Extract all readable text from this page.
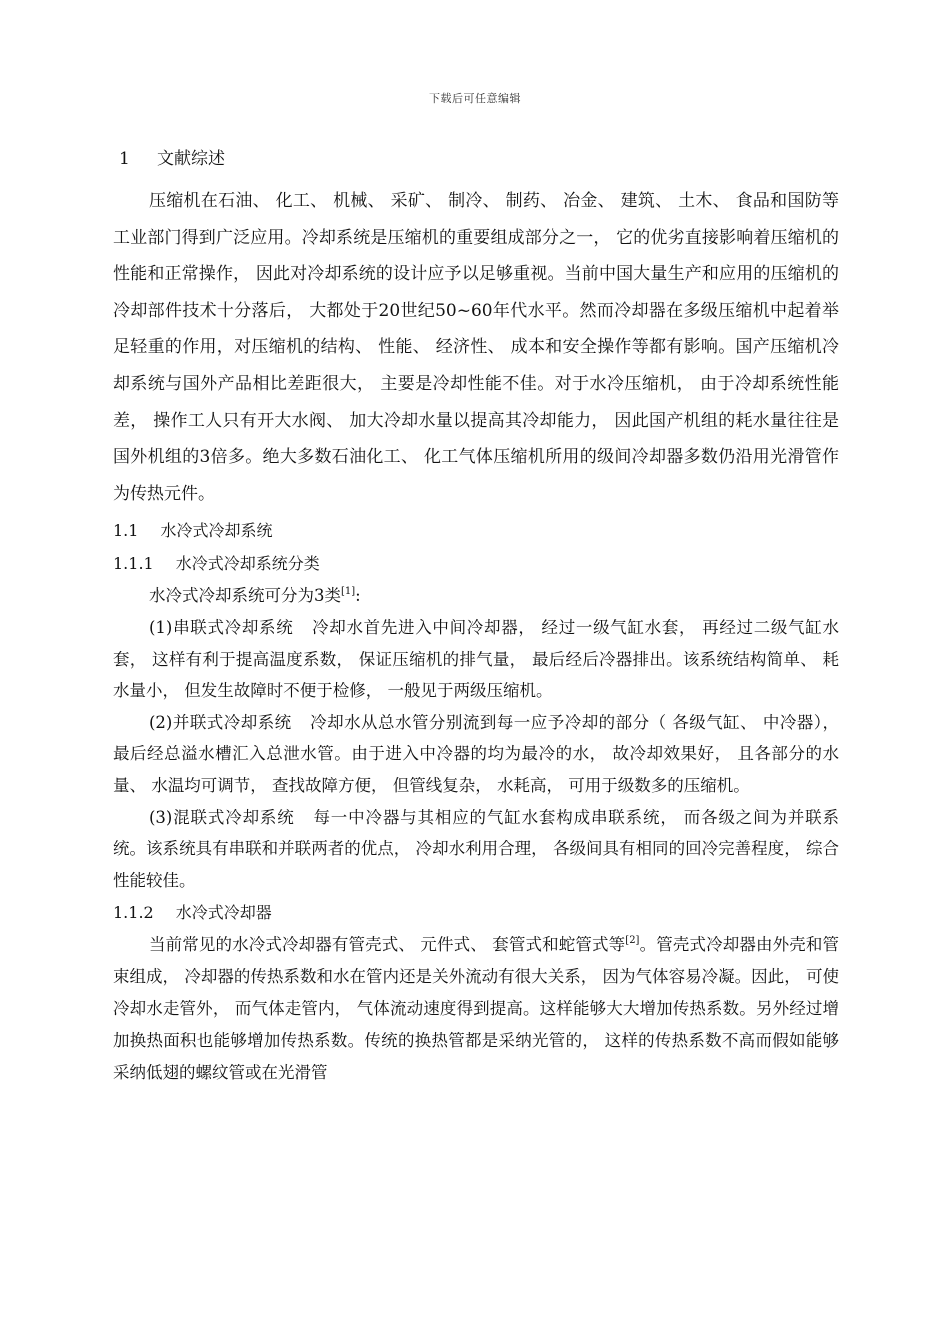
下载后可任意编辑
1 文献综述

压缩机在石油、 化工、 机械、 采矿、 制冷、 制药、 冶金、 建筑、 土木、 食品和国防等工业部门得到广泛应用。冷却系统是压缩机的重要组成部分之一， 它的优劣直接影响着压缩机的性能和正常操作， 因此对冷却系统的设计应予以足够重视。当前中国大量生产和应用的压缩机的冷却部件技术十分落后， 大都处于20世纪50~60年代水平。然而冷却器在多级压缩机中起着举足轻重的作用，对压缩机的结构、 性能、 经济性、 成本和安全操作等都有影响。国产压缩机冷却系统与国外产品相比差距很大， 主要是冷却性能不佳。对于水冷压缩机， 由于冷却系统性能差， 操作工人只有开大水阀、 加大冷却水量以提高其冷却能力， 因此国产机组的耗水量往往是国外机组的3倍多。绝大多数石油化工、 化工气体压缩机所用的级间冷却器多数仍沿用光滑管作为传热元件。

1.1 水冷式冷却系统
1.1.1 水冷式冷却系统分类

水冷式冷却系统可分为3类[1]:

(1)串联式冷却系统 冷却水首先进入中间冷却器， 经过一级气缸水套， 再经过二级气缸水套， 这样有利于提高温度系数， 保证压缩机的排气量， 最后经后冷器排出。该系统结构简单、 耗水量小， 但发生故障时不便于检修， 一般见于两级压缩机。

(2)并联式冷却系统 冷却水从总水管分别流到每一应予冷却的部分（ 各级气缸、 中冷器）， 最后经总溢水槽汇入总泄水管。由于进入中冷器的均为最冷的水， 故冷却效果好， 且各部分的水量、 水温均可调节， 查找故障方便， 但管线复杂， 水耗高， 可用于级数多的压缩机。

(3)混联式冷却系统 每一中冷器与其相应的气缸水套构成串联系统， 而各级之间为并联系统。该系统具有串联和并联两者的优点， 冷却水利用合理， 各级间具有相同的回冷完善程度， 综合性能较佳。

1.1.2 水冷式冷却器

当前常见的水冷式冷却器有管壳式、 元件式、 套管式和蛇管式等[2]。管壳式冷却器由外壳和管束组成， 冷却器的传热系数和水在管内还是关外流动有很大关系， 因为气体容易冷凝。因此， 可使冷却水走管外， 而气体走管内， 气体流动速度得到提高。这样能够大大增加传热系数。另外经过增加换热面积也能够增加传热系数。传统的换热管都是采纳光管的， 这样的传热系数不高而假如能够采纳低翅的螺纹管或在光滑管
